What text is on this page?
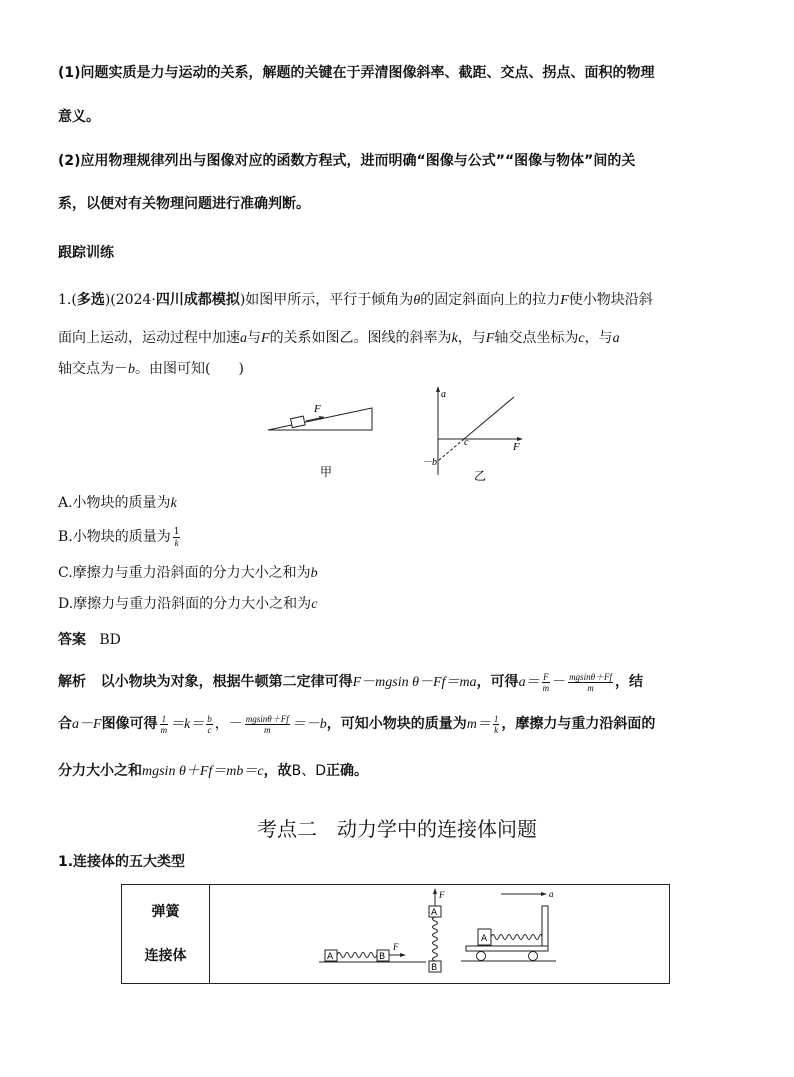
(1)问题实质是力与运动的关系，解题的关键在于弄清图像斜率、截距、交点、拐点、面积的物理
意义。
(2)应用物理规律列出与图像对应的函数方程式，进而明确“图像与公式”“图像与物体”间的关
系，以便对有关物理问题进行准确判断。
跟踪训练
1.(多选)(2024·四川成都模拟)如图甲所示，平行于倾角为θ的固定斜面向上的拉力F使小物块沿斜
面向上运动，运动过程中加速a与F的关系如图乙。图线的斜率为k，与F轴交点坐标为c，与a
轴交点为－b。由图可知(　　)
F
甲
a
F
c
－b
乙
A.小物块的质量为k
B.小物块的质量为 $\frac{1}{k}$
C.摩擦力与重力沿斜面的分力大小之和为b
D.摩擦力与重力沿斜面的分力大小之和为c
答案 BD
解析 以小物块为对象，根据牛顿第二定律可得F－mgsin θ－Ff＝ma，可得$a= \frac{F}{m} - \frac{mgsin\theta+Ff}{m}$ ，结
合a－F图像可得 $\frac{1}{m} =k= \frac{b}{c}$ ，－ $\frac{mgsin\theta+Ff}{m} =-b$，可知小物块的质量为$m= \frac{1}{k}$ ，摩擦力与重力沿斜面的
分力大小之和mgsin θ＋Ff＝mb＝c，故B、D正确。
考点二　动力学中的连接体问题
1.连接体的五大类型
弹簧
连接体	A	B
F
F
A
B
a
A
